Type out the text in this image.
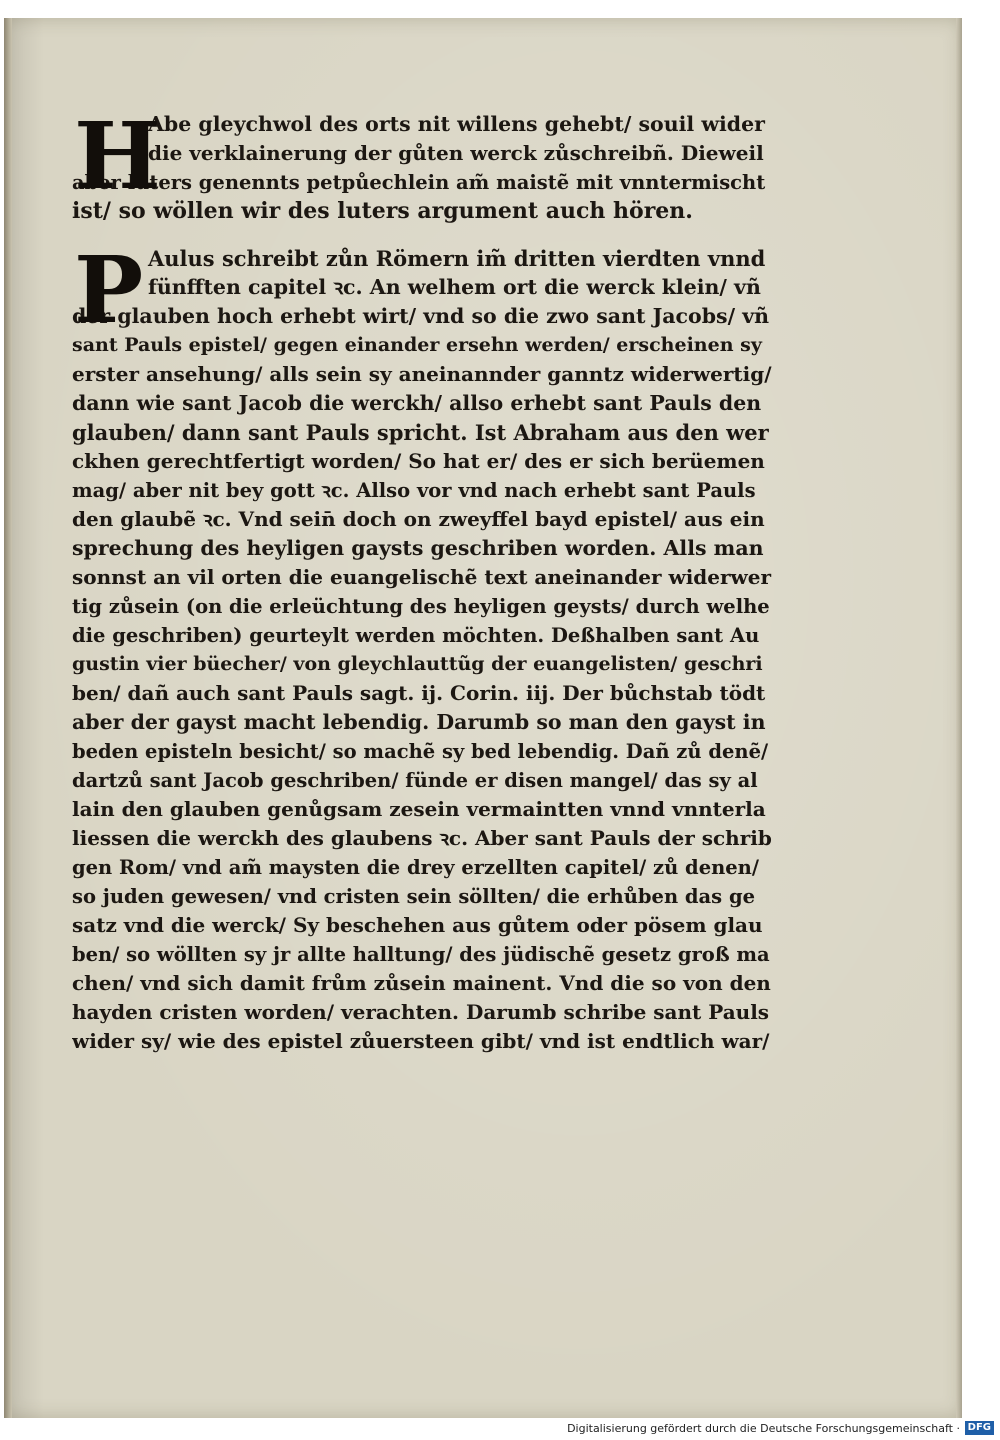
H
Abe gleychwol des orts nit willens gehebt/ souil wider
die verklainerung der gůten werck zůschreibñ. Dieweil
aber luters genennts petpůechlein am̃ maistẽ mit vnntermischt
ist/ so wöllen wir des luters argument auch hören.
P Aulus schreibt zůn Römern im̃ dritten vierdten vnnd
fünfften capitel ꝛc. An welhem ort die werck klein/ vñ
der glauben hoch erhebt wirt/ vnd so die zwo sant Jacobs/ vñ
sant Pauls epistel/ gegen einander ersehn werden/ erscheinen sy
erster ansehung/ alls sein sy aneinannder ganntz widerwertig/
dann wie sant Jacob die werckh/ allso erhebt sant Pauls den
glauben/ dann sant Pauls spricht. Ist Abraham aus den wer
ckhen gerechtfertigt worden/ So hat er/ des er sich berüemen
mag/ aber nit bey gott ꝛc. Allso vor vnd nach erhebt sant Pauls
den glaubẽ ꝛc. Vnd sein̄ doch on zweyffel bayd epistel/ aus ein
sprechung des heyligen gaysts geschriben worden. Alls man
sonnst an vil orten die euangelischẽ text aneinander widerwer
tig zůsein (on die erleüchtung des heyligen geysts/ durch welhe
die geschriben) geurteylt werden möchten. Deßhalben sant Au
gustin vier büecher/ von gleychlauttũg der euangelisten/ geschri
ben/ dañ auch sant Pauls sagt. ij. Corin. iij. Der bůchstab tödt
aber der gayst macht lebendig. Darumb so man den gayst in
beden episteln besicht/ so machẽ sy bed lebendig. Dañ zů denẽ/
dartzů sant Jacob geschriben/ fünde er disen mangel/ das sy al
lain den glauben genůgsam zesein vermaintten vnnd vnnterla
liessen die werckh des glaubens ꝛc. Aber sant Pauls der schrib
gen Rom/ vnd am̃ maysten die drey erzellten capitel/ zů denen/
so juden gewesen/ vnd cristen sein söllten/ die erhůben das ge
satz vnd die werck/ Sy beschehen aus gůtem oder pösem glau
ben/ so wöllten sy jr allte halltung/ des jüdischẽ gesetz groß ma
chen/ vnd sich damit frům zůsein mainent. Vnd die so von den
hayden cristen worden/ verachten. Darumb schribe sant Pauls
wider sy/ wie des epistel zůuersteen gibt/ vnd ist endtlich war/
Digitalisierung gefördert durch die Deutsche Forschungsgemeinschaft · DFG
